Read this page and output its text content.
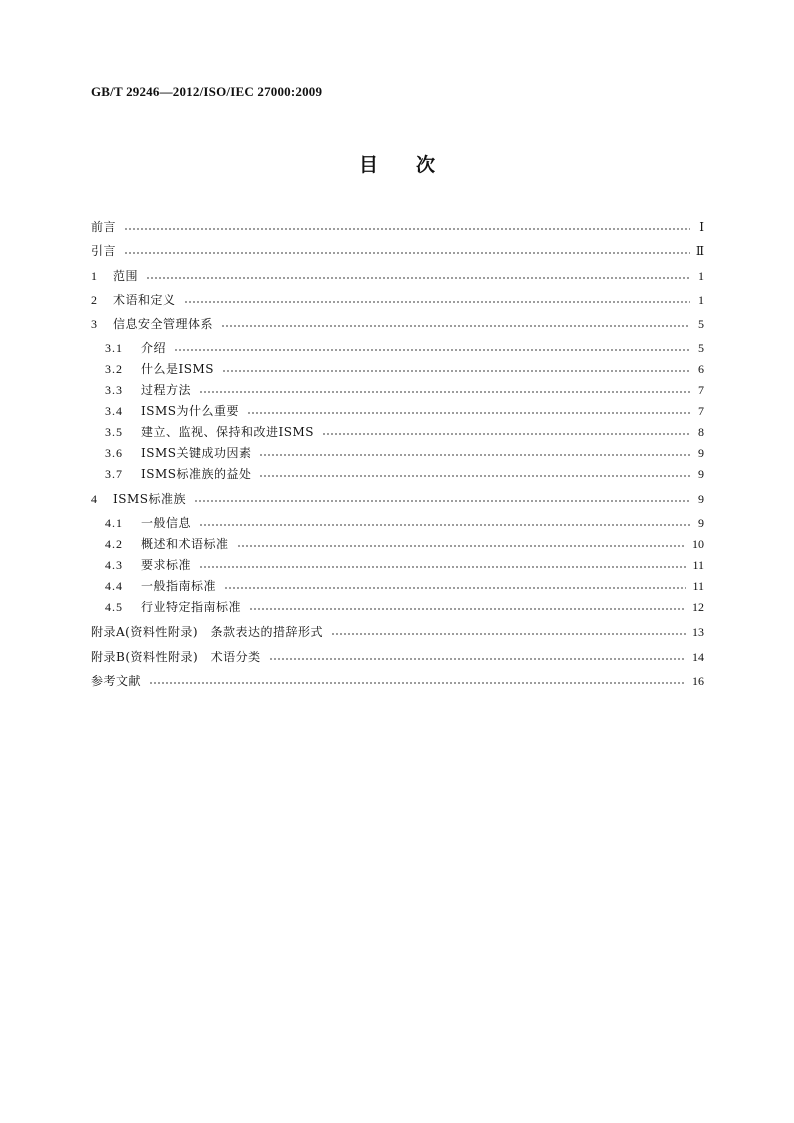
GB/T 29246—2012/ISO/IEC 27000:2009
目　　次
前言	Ⅰ
引言	Ⅱ
1	范围	1
2	术语和定义	1
3	信息安全管理体系	5
3.1	介绍	5
3.2	什么是ISMS	6
3.3	过程方法	7
3.4	ISMS为什么重要	7
3.5	建立、监视、保持和改进ISMS	8
3.6	ISMS关键成功因素	9
3.7	ISMS标准族的益处	9
4	ISMS标准族	9
4.1	一般信息	9
4.2	概述和术语标准	10
4.3	要求标准	11
4.4	一般指南标准	11
4.5	行业特定指南标准	12
附录A(资料性附录)　条款表达的措辞形式	13
附录B(资料性附录)　术语分类	14
参考文献	16
